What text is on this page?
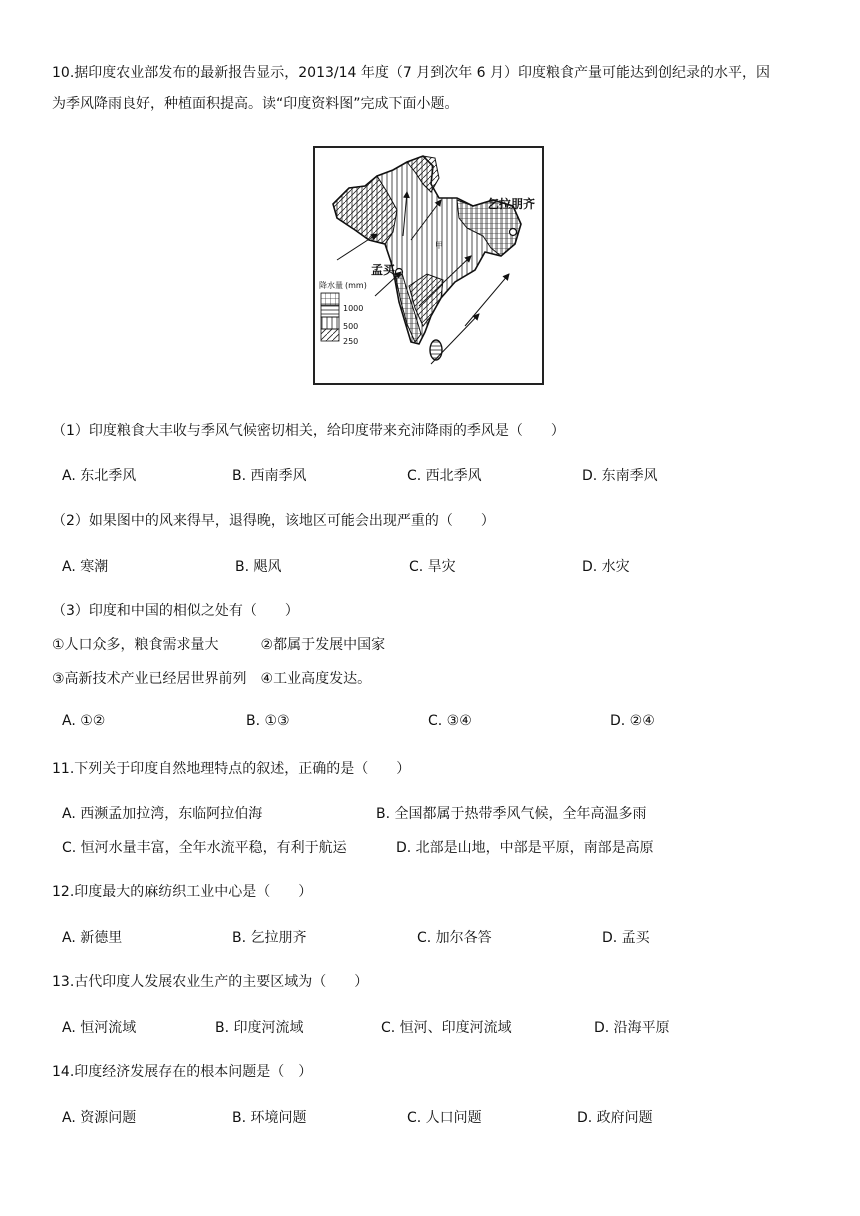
10.据印度农业部发布的最新报告显示，2013/14 年度（7 月到次年 6 月）印度粮食产量可能达到创纪录的水平，因
为季风降雨良好，种植面积提高。读“印度资料图”完成下面小题。
乞拉朋齐
孟买
甲
降水量 (mm)
1000
500
250
（1）印度粮食大丰收与季风气候密切相关，给印度带来充沛降雨的季风是（　　）
A. 东北季风	B. 西南季风	C. 西北季风	D. 东南季风
（2）如果图中的风来得早，退得晚，该地区可能会出现严重的（　　）
A. 寒潮	B. 飓风	C. 旱灾	D. 水灾
（3）印度和中国的相似之处有（　　）
①人口众多，粮食需求量大　　　②都属于发展中国家
③高新技术产业已经居世界前列　④工业高度发达。
A. ①②	B. ①③	C. ③④	D. ②④
11.下列关于印度自然地理特点的叙述，正确的是（　　）
A. 西濒孟加拉湾，东临阿拉伯海	B. 全国都属于热带季风气候，全年高温多雨
C. 恒河水量丰富，全年水流平稳，有利于航运	D. 北部是山地，中部是平原，南部是高原
12.印度最大的麻纺织工业中心是（　　）
A. 新德里	B. 乞拉朋齐	C. 加尔各答	D. 孟买
13.古代印度人发展农业生产的主要区域为（　　）
A. 恒河流域	B. 印度河流域	C. 恒河、印度河流域	D. 沿海平原
14.印度经济发展存在的根本问题是（　）
A. 资源问题	B. 环境问题	C. 人口问题	D. 政府问题
